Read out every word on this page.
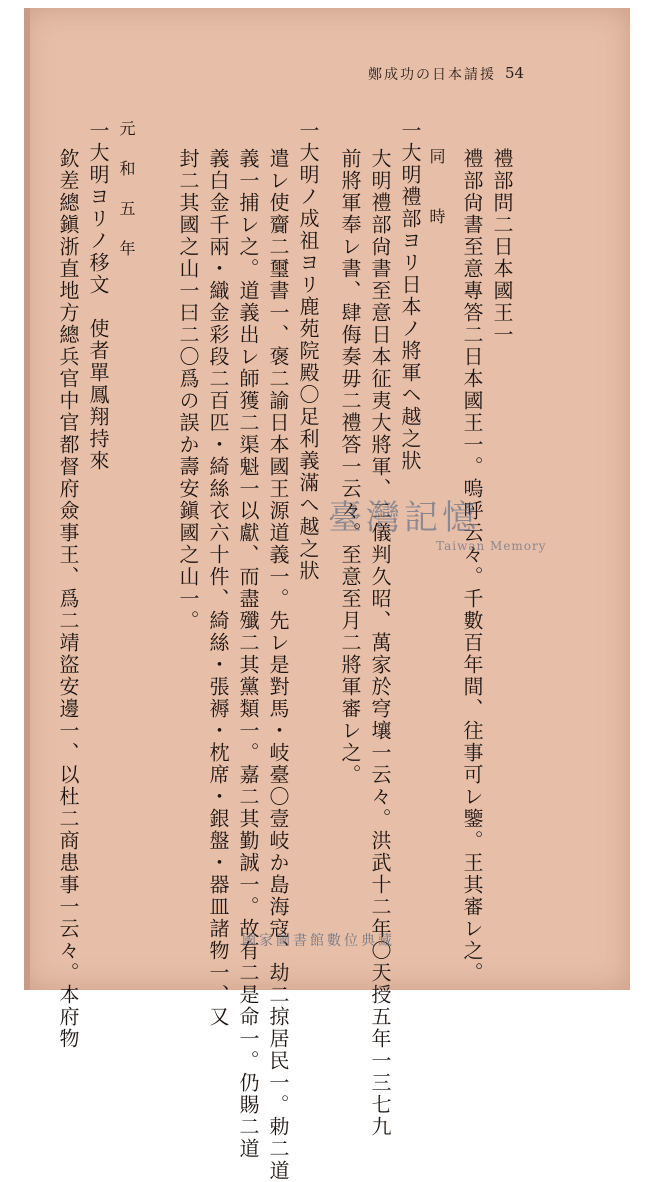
鄭成功の日本請援 54
禮部問二日本國王一
禮部尙書至意專答二日本國王一。嗚呼云々。千數百年間、往事可レ鑒。王其審レ之。
同　　時
一大明禮部ヨリ日本ノ將軍ヘ越之狀
大明禮部尙書至意日本征夷大將軍、二儀判久昭、萬家於穹壤一云々。洪武十二年〇天授五年一三七九
前將軍奉レ書、肆侮奏毋二禮答一云々。至意至月二將軍審レ之。
一大明ノ成祖ヨリ鹿苑院殿〇足利義滿へ越之狀
遣レ使齎二璽書一、褒二諭日本國王源道義一。先レ是對馬・岐臺〇壹岐か島海寇、劫二掠居民一。勅二道
義一捕レ之。道義出レ師獲二渠魁一以獻、而盡殲二其黨類一。嘉二其勤誠一。故有二是命一。仍賜二道
義白金千兩・織金彩段二百匹・綺絲衣六十件、綺絲・張褥・枕席・銀盤・器皿諸物一、又
封二其國之山一曰二〇爲の誤か壽安鎭國之山一。
元　和　五　年
一大明ヨリノ移文　使者單鳳翔持來
欽差總鎭浙直地方總兵官中官都督府僉事王、爲二靖盜安邊一、以杜二商患事一云々。本府物	臺灣記憶
Taiwan Memory
國家圖書館數位典藏
